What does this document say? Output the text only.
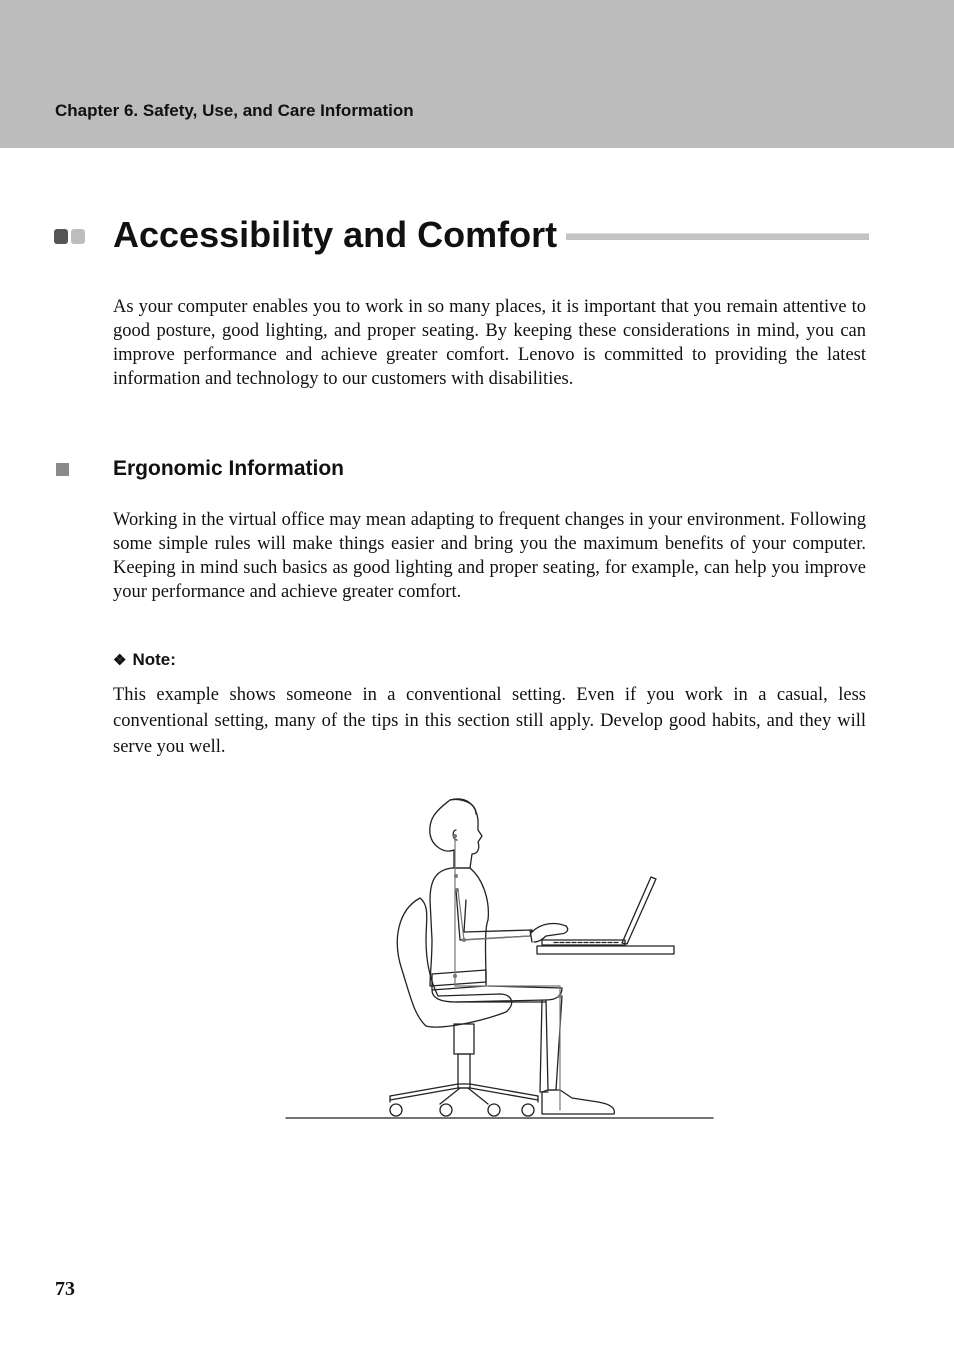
Chapter 6. Safety, Use, and Care Information
Accessibility and Comfort

As your computer enables you to work in so many places, it is important that you remain attentive to good posture, good lighting, and proper seating. By keeping these considerations in mind, you can improve performance and achieve greater comfort. Lenovo is committed to providing the latest information and technology to our customers with disabilities.

Ergonomic Information

Working in the virtual office may mean adapting to frequent changes in your environment. Following some simple rules will make things easier and bring you the maximum benefits of your computer. Keeping in mind such basics as good lighting and proper seating, for example, can help you improve your performance and achieve greater comfort.

❖ Note:

This example shows someone in a conventional setting. Even if you work in a casual, less conventional setting, many of the tips in this section still apply. Develop good habits, and they will serve you well.

73
